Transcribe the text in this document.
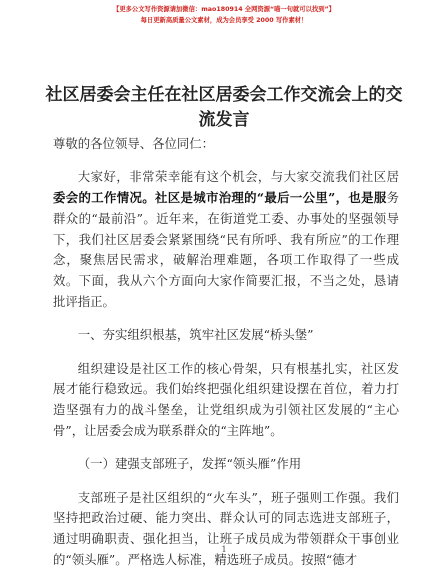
【更多公文写作资源请加微信：mao180914 全网资源“喵一句就可以找到”】
每日更新高质量公文素材，成为会员享受 2000 写作素材！
社区居委会主任在社区居委会工作交流会上的交流发言

尊敬的各位领导、各位同仁：

大家好，非常荣幸能有这个机会，与大家交流我们社区居委会的工作情况。社区是城市治理的“最后一公里”，也是服务群众的“最前沿”。近年来，在街道党工委、办事处的坚强领导下，我们社区居委会紧紧围绕“民有所呼、我有所应”的工作理念，聚焦居民需求，破解治理难题，各项工作取得了一些成效。下面，我从六个方面向大家作简要汇报，不当之处，恳请批评指正。

一、夯实组织根基，筑牢社区发展“桥头堡”

组织建设是社区工作的核心骨架，只有根基扎实，社区发展才能行稳致远。我们始终把强化组织建设摆在首位，着力打造坚强有力的战斗堡垒，让党组织成为引领社区发展的“主心骨”，让居委会成为联系群众的“主阵地”。

（一）建强支部班子，发挥“领头雁”作用

支部班子是社区组织的“火车头”，班子强则工作强。我们坚持把政治过硬、能力突出、群众认可的同志选进支部班子，通过明确职责、强化担当，让班子成员成为带领群众干事创业的“领头雁”。严格选人标准，精选班子成员。按照“德才

1
